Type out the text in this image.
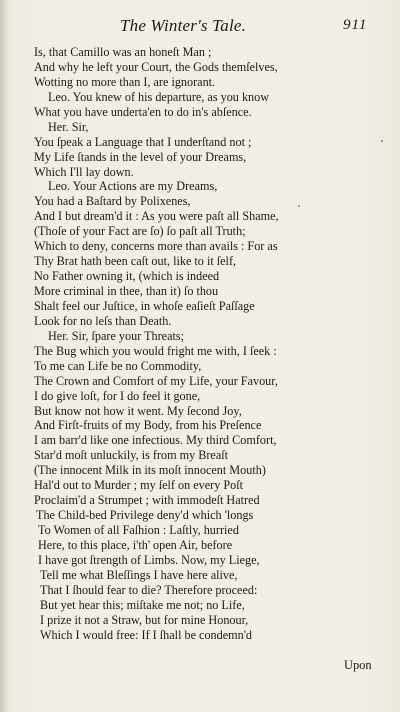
The Winter's Tale.	911
Is, that Camillo was an honeſt Man ;
And why he left your Court, the Gods themſelves,
Wotting no more than I, are ignorant.
Leo. You knew of his departure, as you know
What you have underta'en to do in's abſence.
Her. Sir,
You ſpeak a Language that I underſtand not ;
My Life ſtands in the level of your Dreams,
Which I'll lay down.
Leo. Your Actions are my Dreams,
You had a Baſtard by Polixenes,
And I but dream'd it : As you were paſt all Shame,
(Thoſe of your Fact are ſo) ſo paſt all Truth;
Which to deny, concerns more than avails : For as
Thy Brat hath been caſt out, like to it ſelf,
No Father owning it, (which is indeed
More criminal in thee, than it) ſo thou
Shalt feel our Juſtice, in whoſe eaſieſt Paſſage
Look for no leſs than Death.
Her. Sir, ſpare your Threats;
The Bug which you would fright me with, I ſeek :
To me can Life be no Commodity,
The Crown and Comfort of my Life, your Favour,
I do give loſt, for I do feel it gone,
But know not how it went. My ſecond Joy,
And Firſt-fruits of my Body, from his Preſence
I am barr'd like one infectious. My third Comfort,
Star'd moſt unluckily, is from my Breaſt
(The innocent Milk in its moſt innocent Mouth)
Hal'd out to Murder ; my ſelf on every Poſt
Proclaim'd a Strumpet ; with immodeſt Hatred
The Child-bed Privilege deny'd which 'longs
To Women of all Faſhion : Laſtly, hurried
Here, to this place, i'th' open Air, before
I have got ſtrength of Limbs. Now, my Liege,
Tell me what Bleſſings I have here alive,
That I ſhould fear to die? Therefore proceed:
But yet hear this; miſtake me not; no Life,
I prize it not a Straw, but for mine Honour,
Which I would free: If I ſhall be condemn'd
Upon
